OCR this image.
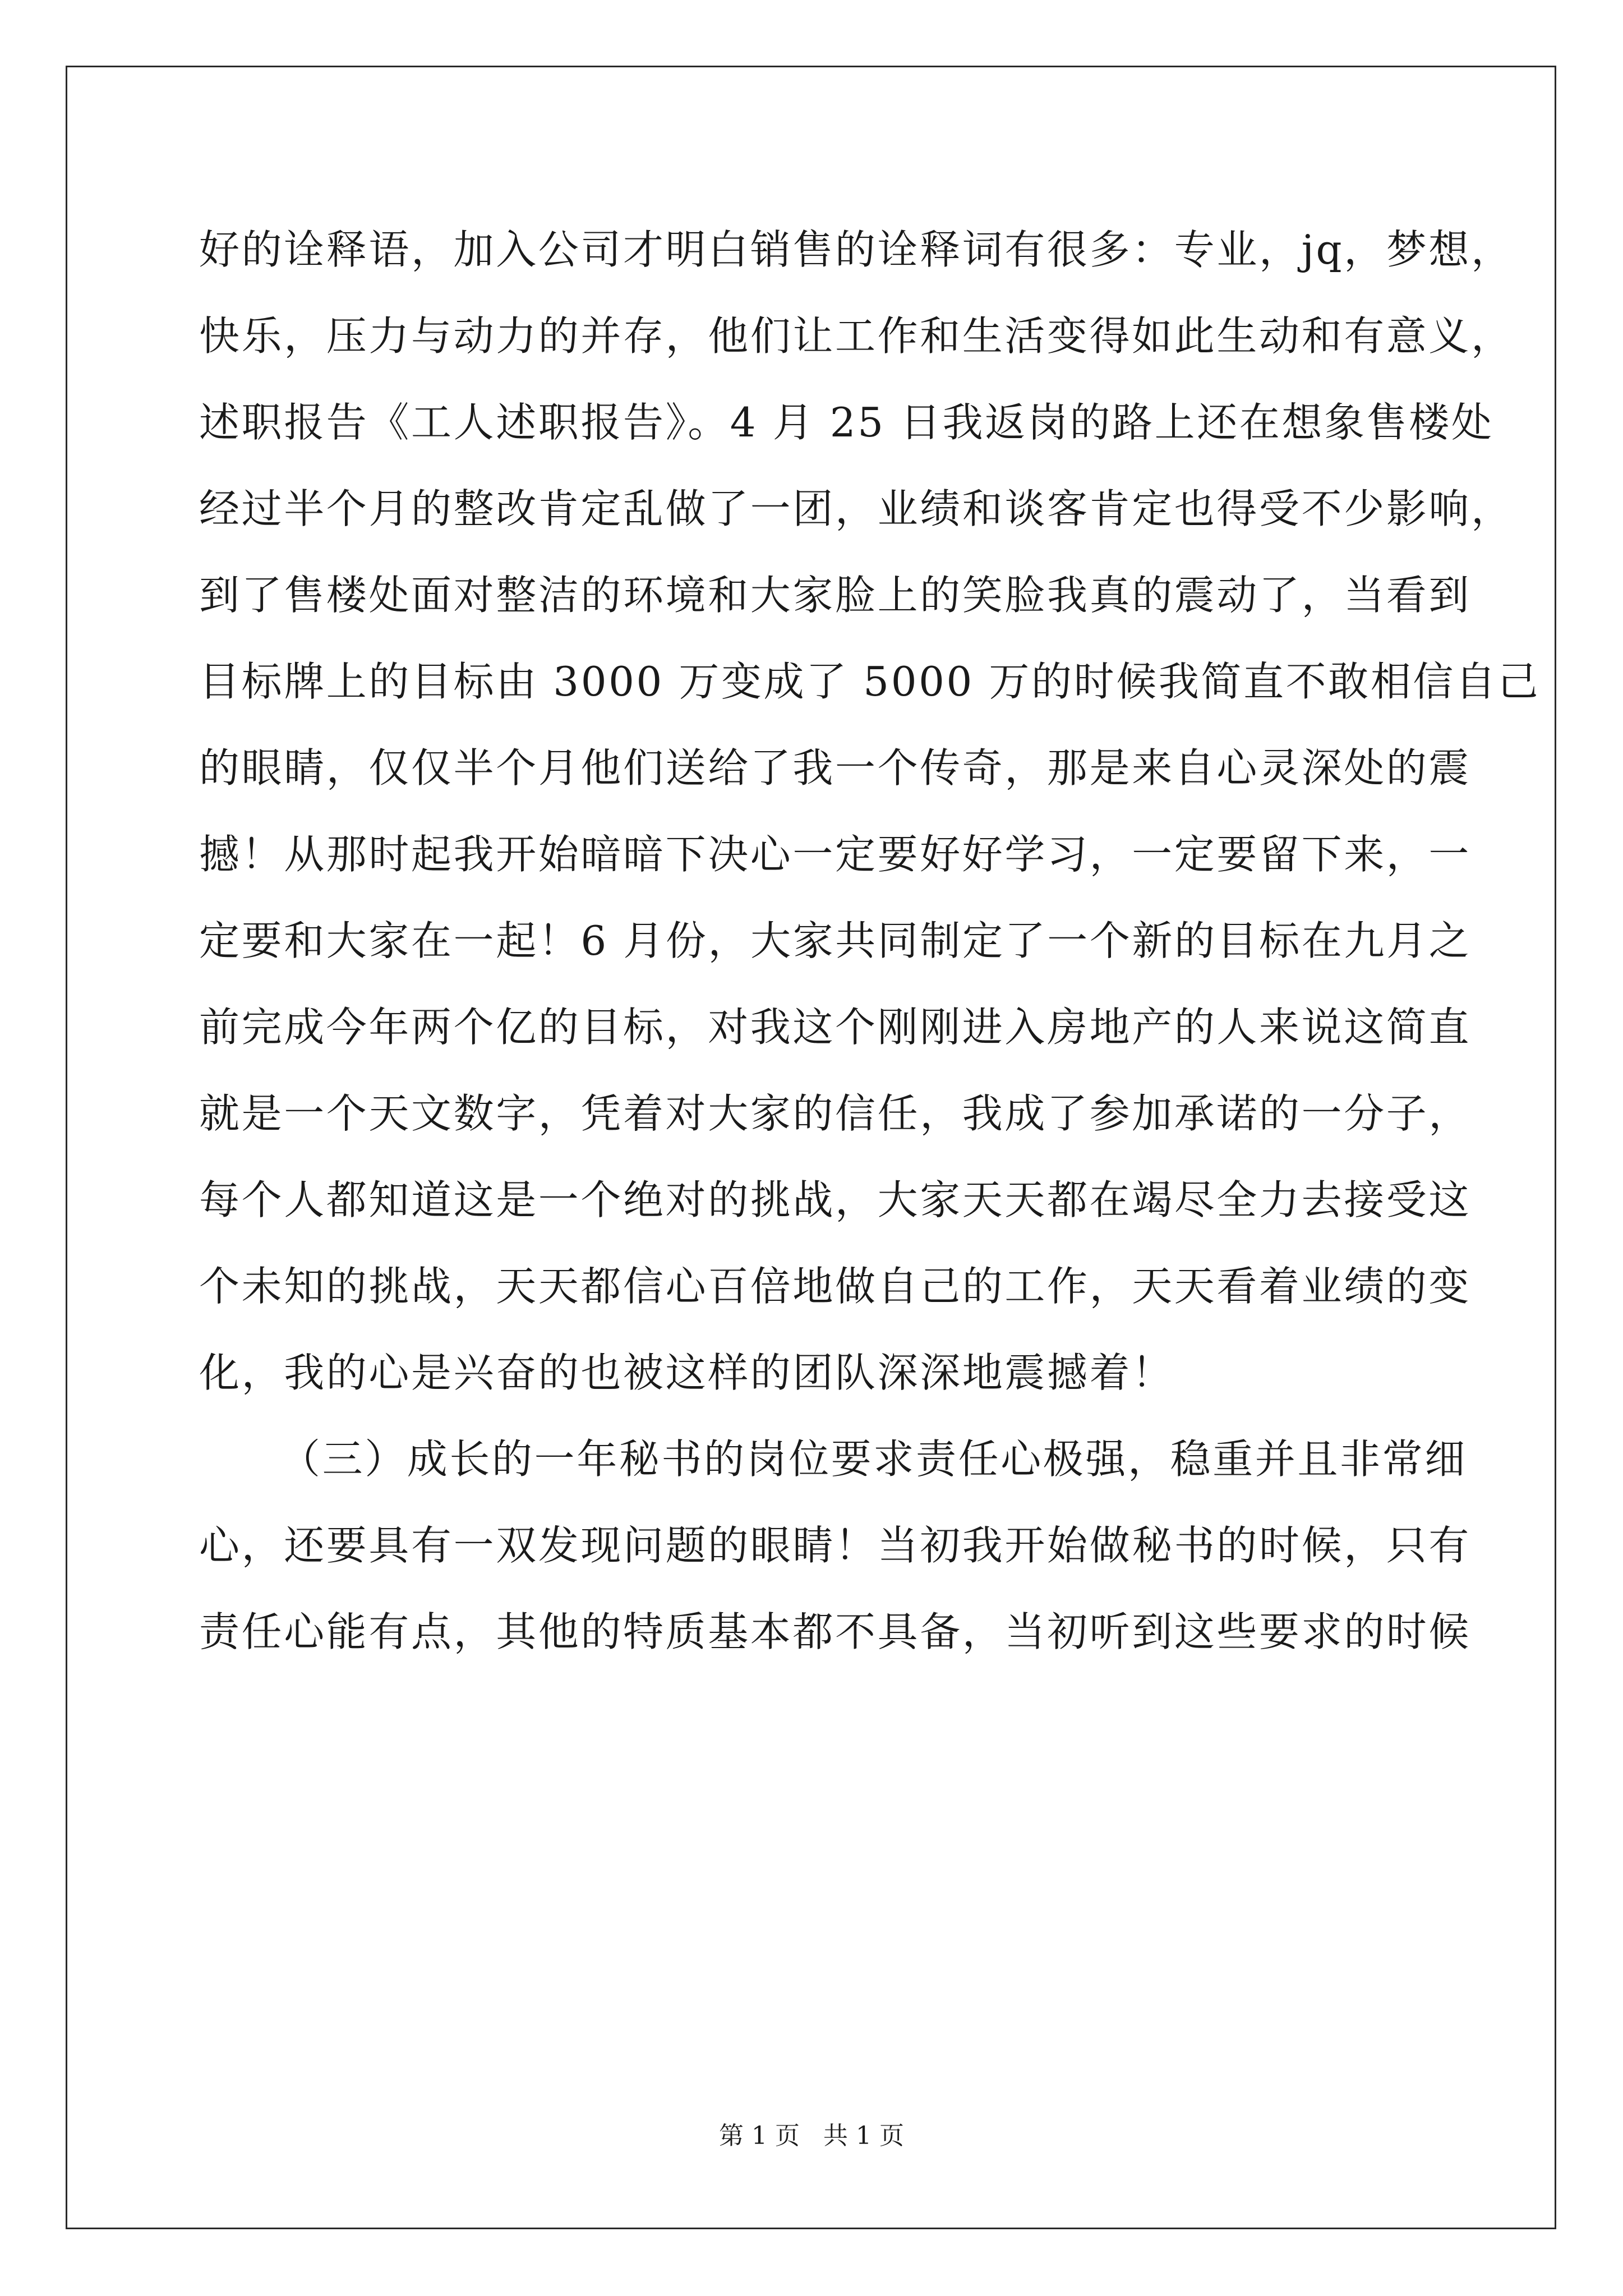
好的诠释语，加入公司才明白销售的诠释词有很多：专业，jq，梦想，
快乐，压力与动力的并存，他们让工作和生活变得如此生动和有意义，
述职报告《工人述职报告》。4 月 25 日我返岗的路上还在想象售楼处
经过半个月的整改肯定乱做了一团，业绩和谈客肯定也得受不少影响，
到了售楼处面对整洁的环境和大家脸上的笑脸我真的震动了，当看到
目标牌上的目标由 3000 万变成了 5000 万的时候我简直不敢相信自己
的眼睛，仅仅半个月他们送给了我一个传奇，那是来自心灵深处的震
撼！从那时起我开始暗暗下决心一定要好好学习，一定要留下来，一
定要和大家在一起！6 月份，大家共同制定了一个新的目标在九月之
前完成今年两个亿的目标，对我这个刚刚进入房地产的人来说这简直
就是一个天文数字，凭着对大家的信任，我成了参加承诺的一分子，
每个人都知道这是一个绝对的挑战，大家天天都在竭尽全力去接受这
个未知的挑战，天天都信心百倍地做自己的工作，天天看着业绩的变
化，我的心是兴奋的也被这样的团队深深地震撼着！
（三）成长的一年秘书的岗位要求责任心极强，稳重并且非常细
心，还要具有一双发现问题的眼睛！当初我开始做秘书的时候，只有
责任心能有点，其他的特质基本都不具备，当初听到这些要求的时候
第 1 页   共 1 页
